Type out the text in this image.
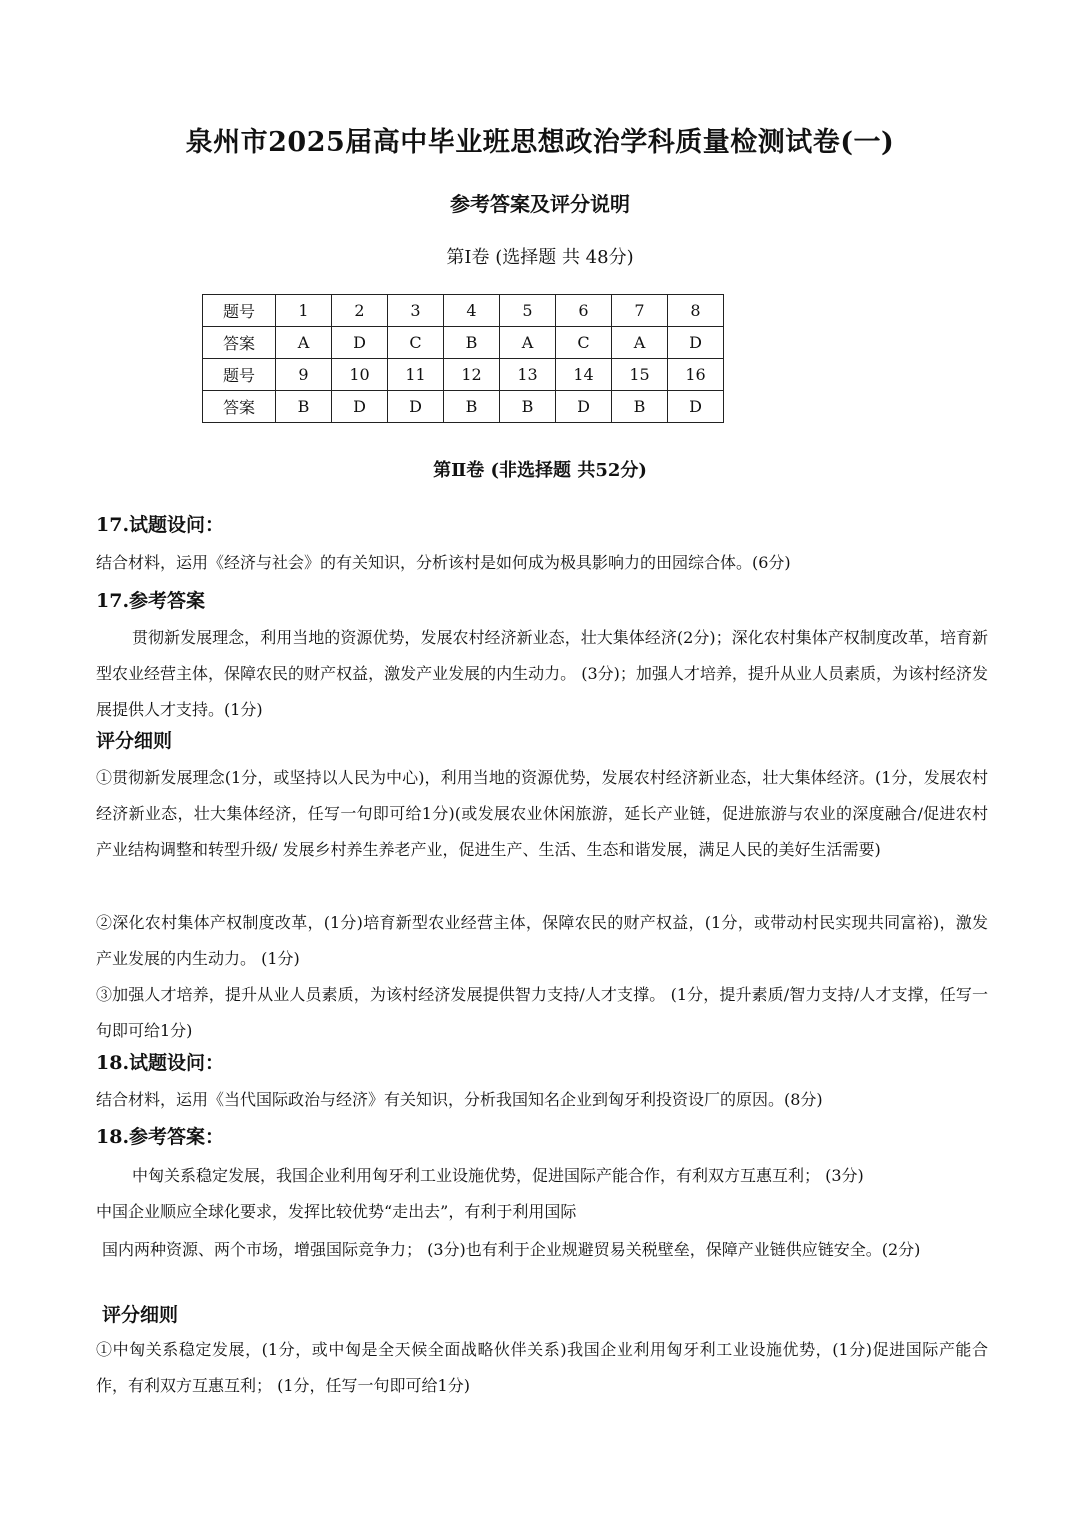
泉州市2025届高中毕业班思想政治学科质量检测试卷(一)
参考答案及评分说明
第Ⅰ卷 (选择题 共 48分)
题号	1	2	3	4	5	6	7	8
答案	A	D	C	B	A	C	A	D
题号	9	10	11	12	13	14	15	16
答案	B	D	D	B	B	D	B	D
第Ⅱ卷 (非选择题 共52分)
17.试题设问：
结合材料，运用《经济与社会》的有关知识，分析该村是如何成为极具影响力的田园综合体。(6分)
17.参考答案
贯彻新发展理念，利用当地的资源优势，发展农村经济新业态，壮大集体经济(2分)；深化农村集体产权制度改革，培育新型农业经营主体，保障农民的财产权益，激发产业发展的内生动力。 (3分)；加强人才培养，提升从业人员素质，为该村经济发展提供人才支持。(1分)
评分细则
①贯彻新发展理念(1分，或坚持以人民为中心)，利用当地的资源优势，发展农村经济新业态，壮大集体经济。(1分，发展农村经济新业态，壮大集体经济，任写一句即可给1分)(或发展农业休闲旅游，延长产业链，促进旅游与农业的深度融合/促进农村产业结构调整和转型升级/ 发展乡村养生养老产业，促进生产、生活、生态和谐发展，满足人民的美好生活需要)
②深化农村集体产权制度改革，(1分)培育新型农业经营主体，保障农民的财产权益，(1分，或带动村民实现共同富裕)，激发产业发展的内生动力。 (1分)
③加强人才培养，提升从业人员素质，为该村经济发展提供智力支持/人才支撑。 (1分，提升素质/智力支持/人才支撑，任写一句即可给1分)
18.试题设问：
结合材料，运用《当代国际政治与经济》有关知识，分析我国知名企业到匈牙利投资设厂的原因。(8分)
18.参考答案：
中匈关系稳定发展，我国企业利用匈牙利工业设施优势，促进国际产能合作，有利双方互惠互利； (3分)
中国企业顺应全球化要求，发挥比较优势“走出去”，有利于利用国际
国内两种资源、两个市场，增强国际竞争力； (3分)也有利于企业规避贸易关税壁垒，保障产业链供应链安全。(2分)
评分细则
①中匈关系稳定发展，(1分，或中匈是全天候全面战略伙伴关系)我国企业利用匈牙利工业设施优势，(1分)促进国际产能合作，有利双方互惠互利； (1分，任写一句即可给1分)
